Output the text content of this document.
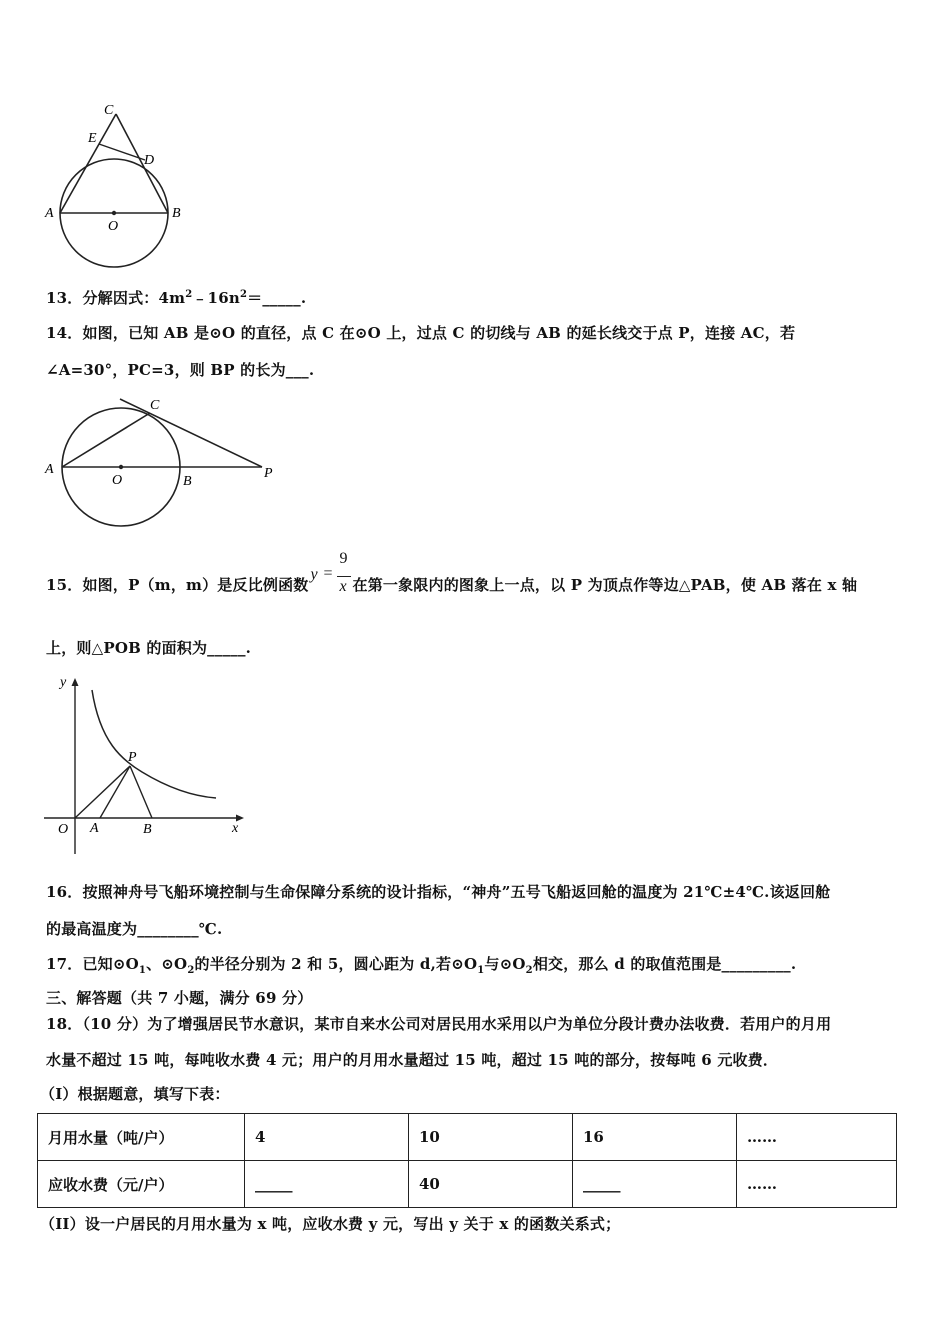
C
E
D
A	B
O
13．分解因式：$4m^2﹣16n^2=\_\_\_\_\_$.
14．如图，已知 AB 是⊙O 的直径，点 C 在⊙O 上，过点 C 的切线与 AB 的延长线交于点 P，连接 AC，若
∠A=30°，PC=3，则 BP 的长为___.
C
A
O	B
P
15．如图，P（m，m）是反比例函数
y =
9
x 在第一象限内的图象上一点，以 P 为顶点作等边△PAB，使 AB 落在 x 轴
上，则△POB 的面积为_____.
y
P
O A	B	x
16．按照神舟号飞船环境控制与生命保障分系统的设计指标，“神舟”五号飞船返回舱的温度为 21℃±4℃.该返回舱
的最高温度为________℃.
17．已知$⊙O_1$、$⊙O_2$的半径分别为 2 和 5，圆心距为 d,若$⊙O_1$与$⊙O_2$相交，那么 d 的取值范围是_________.
三、解答题（共 7 小题，满分 69 分）
18．（10 分）为了增强居民节水意识，某市自来水公司对居民用水采用以户为单位分段计费办法收费．若用户的月用
水量不超过 15 吨，每吨收水费 4 元；用户的月用水量超过 15 吨，超过 15 吨的部分，按每吨 6 元收费．
（I）根据题意，填写下表：
月用水量（吨/户）	4	10	16	……
应收水费（元/户）	_____	40	_____	……
（II）设一户居民的月用水量为 x 吨，应收水费 y 元，写出 y 关于 x 的函数关系式；
